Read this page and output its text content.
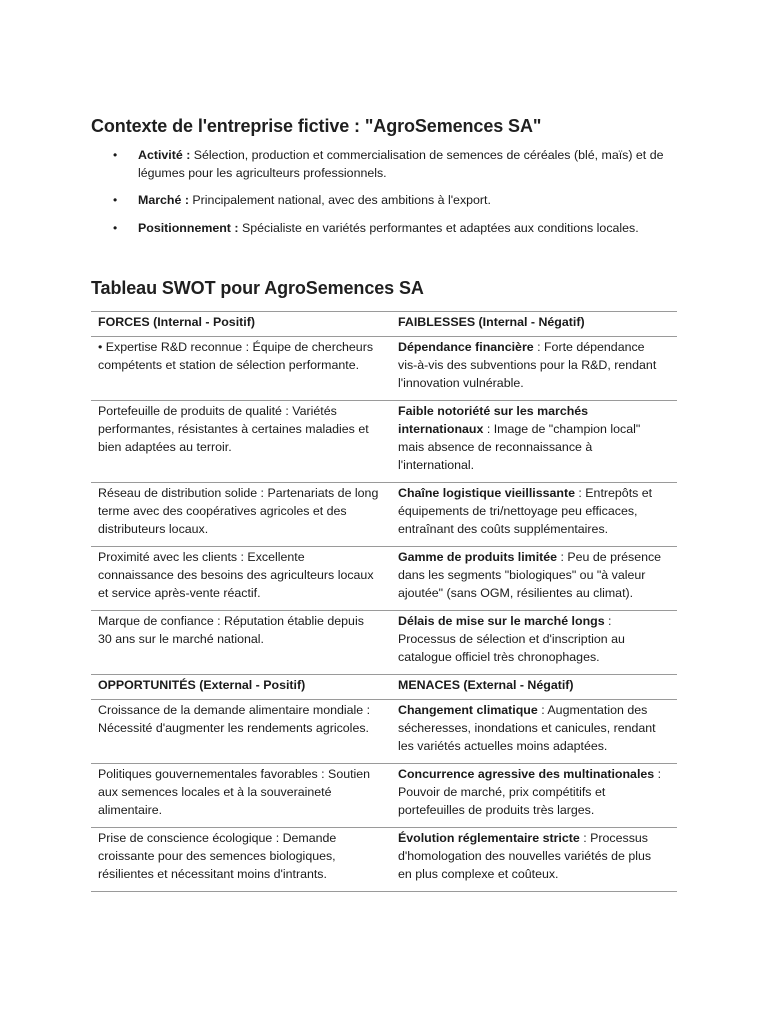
Contexte de l'entreprise fictive : "AgroSemences SA"
• Activité : Sélection, production et commercialisation de semences de céréales (blé, maïs) et de légumes pour les agriculteurs professionnels.
• Marché : Principalement national, avec des ambitions à l'export.
• Positionnement : Spécialiste en variétés performantes et adaptées aux conditions locales.
Tableau SWOT pour AgroSemences SA
FORCES (Internal - Positif)	FAIBLESSES (Internal - Négatif)
• Expertise R&D reconnue : Équipe de chercheurs compétents et station de sélection performante.	Dépendance financière : Forte dépendance vis-à-vis des subventions pour la R&D, rendant l'innovation vulnérable.
Portefeuille de produits de qualité : Variétés performantes, résistantes à certaines maladies et bien adaptées au terroir.	Faible notoriété sur les marchés internationaux : Image de "champion local" mais absence de reconnaissance à l'international.
Réseau de distribution solide : Partenariats de long terme avec des coopératives agricoles et des distributeurs locaux.	Chaîne logistique vieillissante : Entrepôts et équipements de tri/nettoyage peu efficaces, entraînant des coûts supplémentaires.
Proximité avec les clients : Excellente connaissance des besoins des agriculteurs locaux et service après-vente réactif.	Gamme de produits limitée : Peu de présence dans les segments "biologiques" ou "à valeur ajoutée" (sans OGM, résilientes au climat).
Marque de confiance : Réputation établie depuis 30 ans sur le marché national.	Délais de mise sur le marché longs : Processus de sélection et d'inscription au catalogue officiel très chronophages.
OPPORTUNITÉS (External - Positif)	MENACES (External - Négatif)
Croissance de la demande alimentaire mondiale : Nécessité d'augmenter les rendements agricoles.	Changement climatique : Augmentation des sécheresses, inondations et canicules, rendant les variétés actuelles moins adaptées.
Politiques gouvernementales favorables : Soutien aux semences locales et à la souveraineté alimentaire.	Concurrence agressive des multinationales : Pouvoir de marché, prix compétitifs et portefeuilles de produits très larges.
Prise de conscience écologique : Demande croissante pour des semences biologiques, résilientes et nécessitant moins d'intrants.	Évolution réglementaire stricte : Processus d'homologation des nouvelles variétés de plus en plus complexe et coûteux.
